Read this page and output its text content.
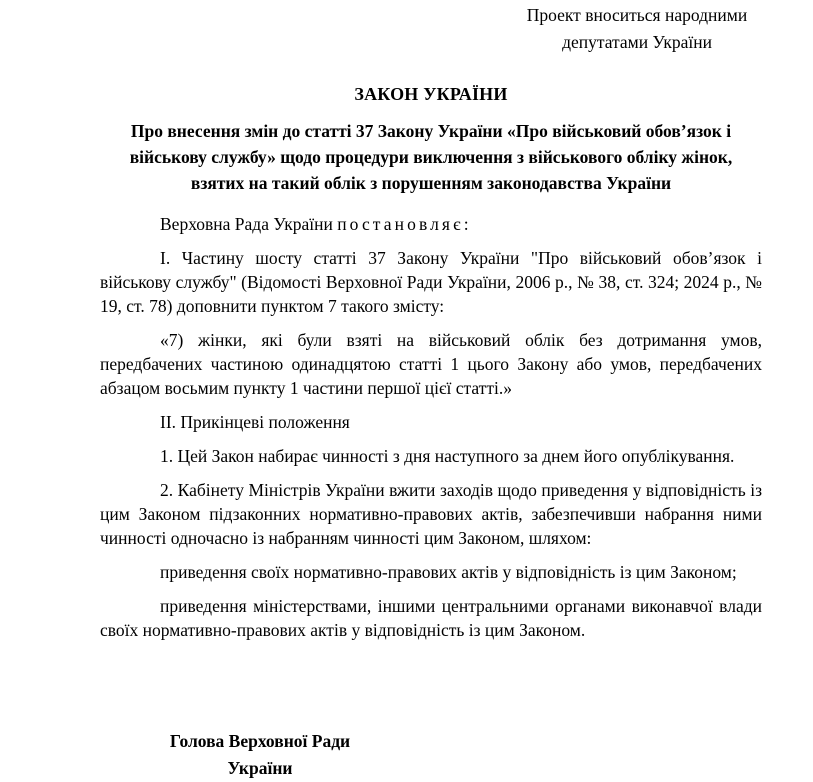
Проект вноситься народними
депутатами України
ЗАКОН УКРАЇНИ
Про внесення змін до статті 37 Закону України «Про військовий обов’язок і
військову службу» щодо процедури виключення з військового обліку жінок,
взятих на такий облік з порушенням законодавства України

Верховна Рада України постановляє:

I. Частину шосту статті 37 Закону України "Про військовий обов’язок і військову службу" (Відомості Верховної Ради України, 2006 р., № 38, ст. 324; 2024 р., № 19, ст. 78) доповнити пунктом 7 такого змісту:

«7) жінки, які були взяті на військовий облік без дотримання умов, передбачених частиною одинадцятою статті 1 цього Закону або умов, передбачених абзацом восьмим пункту 1 частини першої цієї статті.»

II. Прикінцеві положення

1. Цей Закон набирає чинності з дня наступного за днем його опублікування.

2. Кабінету Міністрів України вжити заходів щодо приведення у відповідність із цим Законом підзаконних нормативно-правових актів, забезпечивши набрання ними чинності одночасно із набранням чинності цим Законом, шляхом:

приведення своїх нормативно-правових актів у відповідність із цим Законом;

приведення міністерствами, іншими центральними органами виконавчої влади своїх нормативно-правових актів у відповідність із цим Законом.

Голова Верховної Ради
України
